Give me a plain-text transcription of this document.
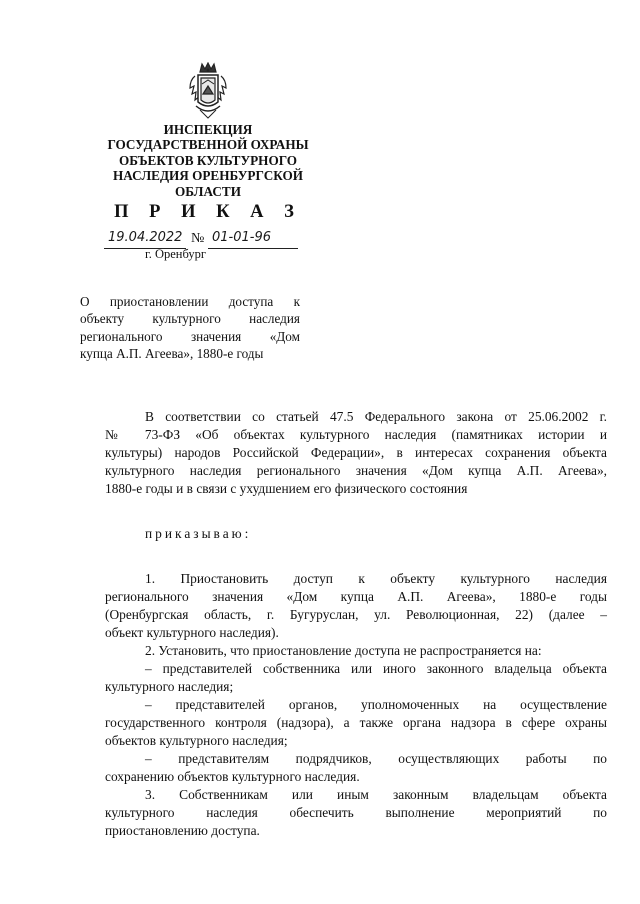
ИНСПЕКЦИЯ
ГОСУДАРСТВЕННОЙ ОХРАНЫ
ОБЪЕКТОВ КУЛЬТУРНОГО
НАСЛЕДИЯ ОРЕНБУРГСКОЙ
ОБЛАСТИ
П Р И К А З
19.04.2022 № 01-01-96
г. Оренбург
О приостановлении доступа к
объекту культурного наследия
регионального значения «Дом
купца А.П. Агеева», 1880-е годы
В соответствии со статьей 47.5 Федерального закона от 25.06.2002 г.
№ 73-ФЗ «Об объектах культурного наследия (памятниках истории и
культуры) народов Российской Федерации», в интересах сохранения объекта
культурного наследия регионального значения «Дом купца А.П. Агеева»,
1880-е годы и в связи с ухудшением его физического состояния
приказываю:
1. Приостановить доступ к объекту культурного наследия
регионального значения «Дом купца А.П. Агеева», 1880-е годы
(Оренбургская область, г. Бугуруслан, ул. Революционная, 22) (далее –
объект культурного наследия).
2. Установить, что приостановление доступа не распространяется на:
– представителей собственника или иного законного владельца объекта
культурного наследия;
– представителей органов, уполномоченных на осуществление
государственного контроля (надзора), а также органа надзора в сфере охраны
объектов культурного наследия;
– представителям подрядчиков, осуществляющих работы по
сохранению объектов культурного наследия.
3. Собственникам или иным законным владельцам объекта
культурного наследия обеспечить выполнение мероприятий по
приостановлению доступа.
